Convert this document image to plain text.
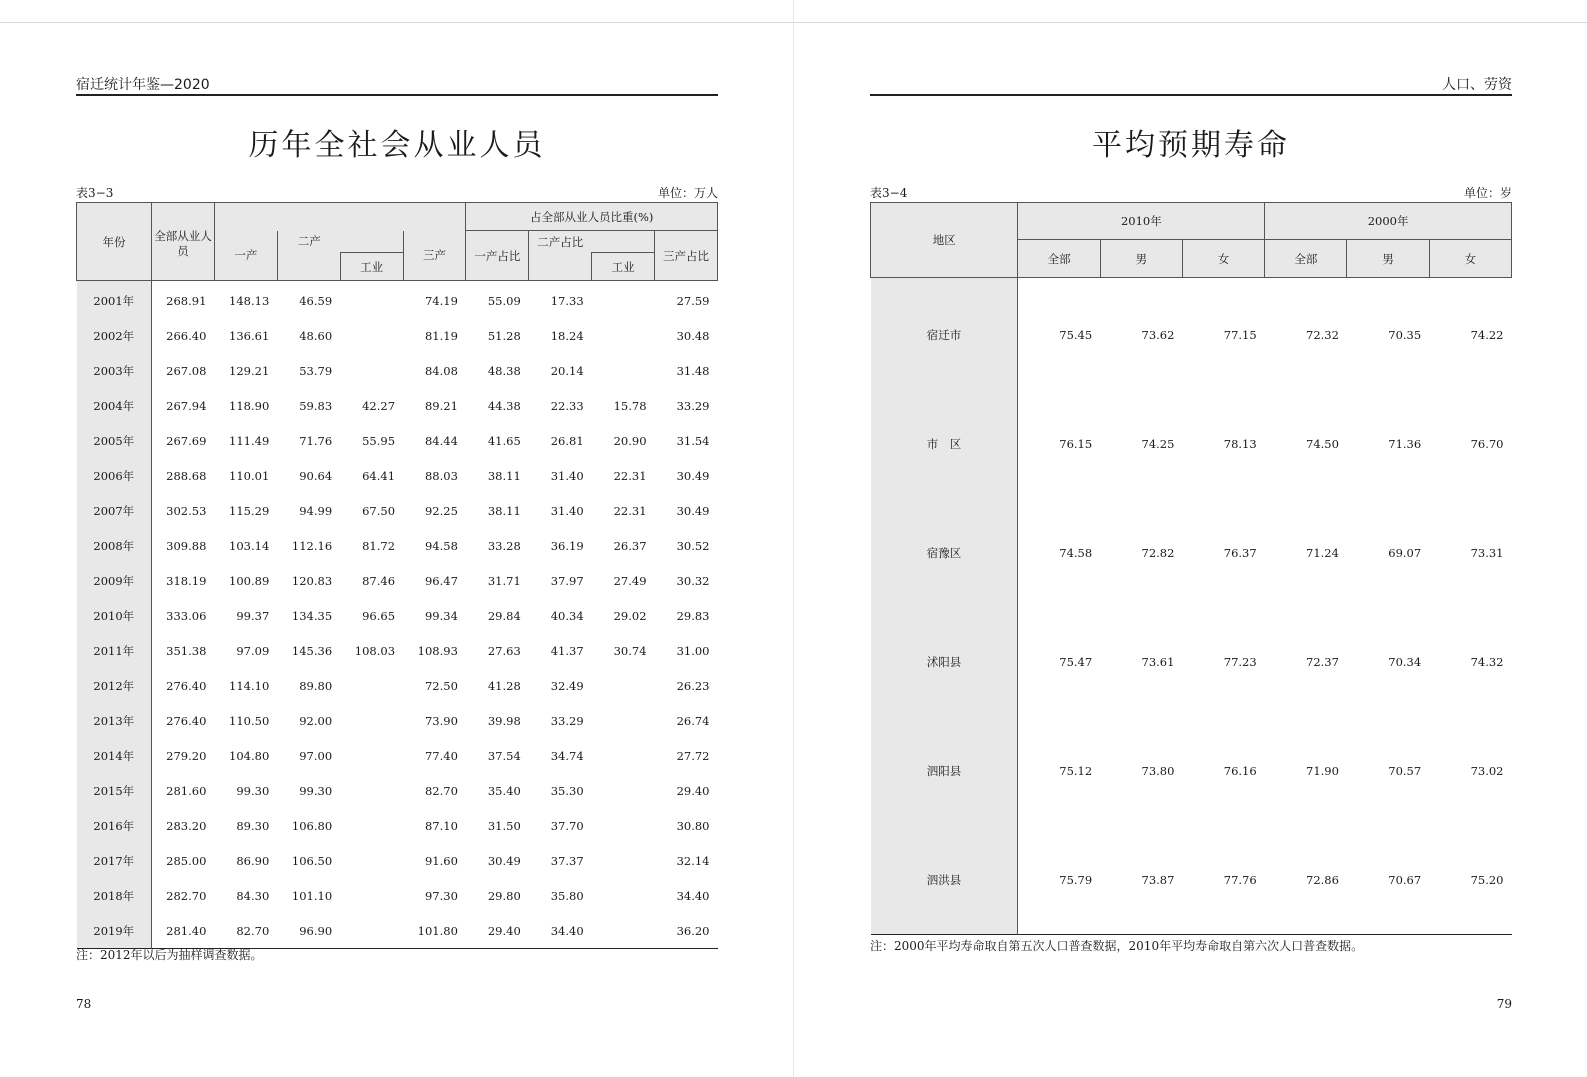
宿迁统计年鉴—2020
历年全社会从业人员
表3−3	单位：万人
年份	全部从业人员					占全部从业人员比重(%)			
		一产	二产		三产	一产占比	二产占比		三产占比
				工业				工业	
2001年	268.91	148.13	46.59		74.19	55.09	17.33		27.59
2002年	266.40	136.61	48.60		81.19	51.28	18.24		30.48
2003年	267.08	129.21	53.79		84.08	48.38	20.14		31.48
2004年	267.94	118.90	59.83	42.27	89.21	44.38	22.33	15.78	33.29
2005年	267.69	111.49	71.76	55.95	84.44	41.65	26.81	20.90	31.54
2006年	288.68	110.01	90.64	64.41	88.03	38.11	31.40	22.31	30.49
2007年	302.53	115.29	94.99	67.50	92.25	38.11	31.40	22.31	30.49
2008年	309.88	103.14	112.16	81.72	94.58	33.28	36.19	26.37	30.52
2009年	318.19	100.89	120.83	87.46	96.47	31.71	37.97	27.49	30.32
2010年	333.06	99.37	134.35	96.65	99.34	29.84	40.34	29.02	29.83
2011年	351.38	97.09	145.36	108.03	108.93	27.63	41.37	30.74	31.00
2012年	276.40	114.10	89.80		72.50	41.28	32.49		26.23
2013年	276.40	110.50	92.00		73.90	39.98	33.29		26.74
2014年	279.20	104.80	97.00		77.40	37.54	34.74		27.72
2015年	281.60	99.30	99.30		82.70	35.40	35.30		29.40
2016年	283.20	89.30	106.80		87.10	31.50	37.70		30.80
2017年	285.00	86.90	106.50		91.60	30.49	37.37		32.14
2018年	282.70	84.30	101.10		97.30	29.80	35.80		34.40
2019年	281.40	82.70	96.90		101.80	29.40	34.40		36.20
注：2012年以后为抽样调查数据。
78
人口、劳资
平均预期寿命
表3−4	单位：岁
地区	2010年			2000年		
	全部	男	女	全部	男	女
宿迁市	75.45	73.62	77.15	72.32	70.35	74.22
市　区	76.15	74.25	78.13	74.50	71.36	76.70
宿豫区	74.58	72.82	76.37	71.24	69.07	73.31
沭阳县	75.47	73.61	77.23	72.37	70.34	74.32
泗阳县	75.12	73.80	76.16	71.90	70.57	73.02
泗洪县	75.79	73.87	77.76	72.86	70.67	75.20
注：2000年平均寿命取自第五次人口普查数据，2010年平均寿命取自第六次人口普查数据。
79
